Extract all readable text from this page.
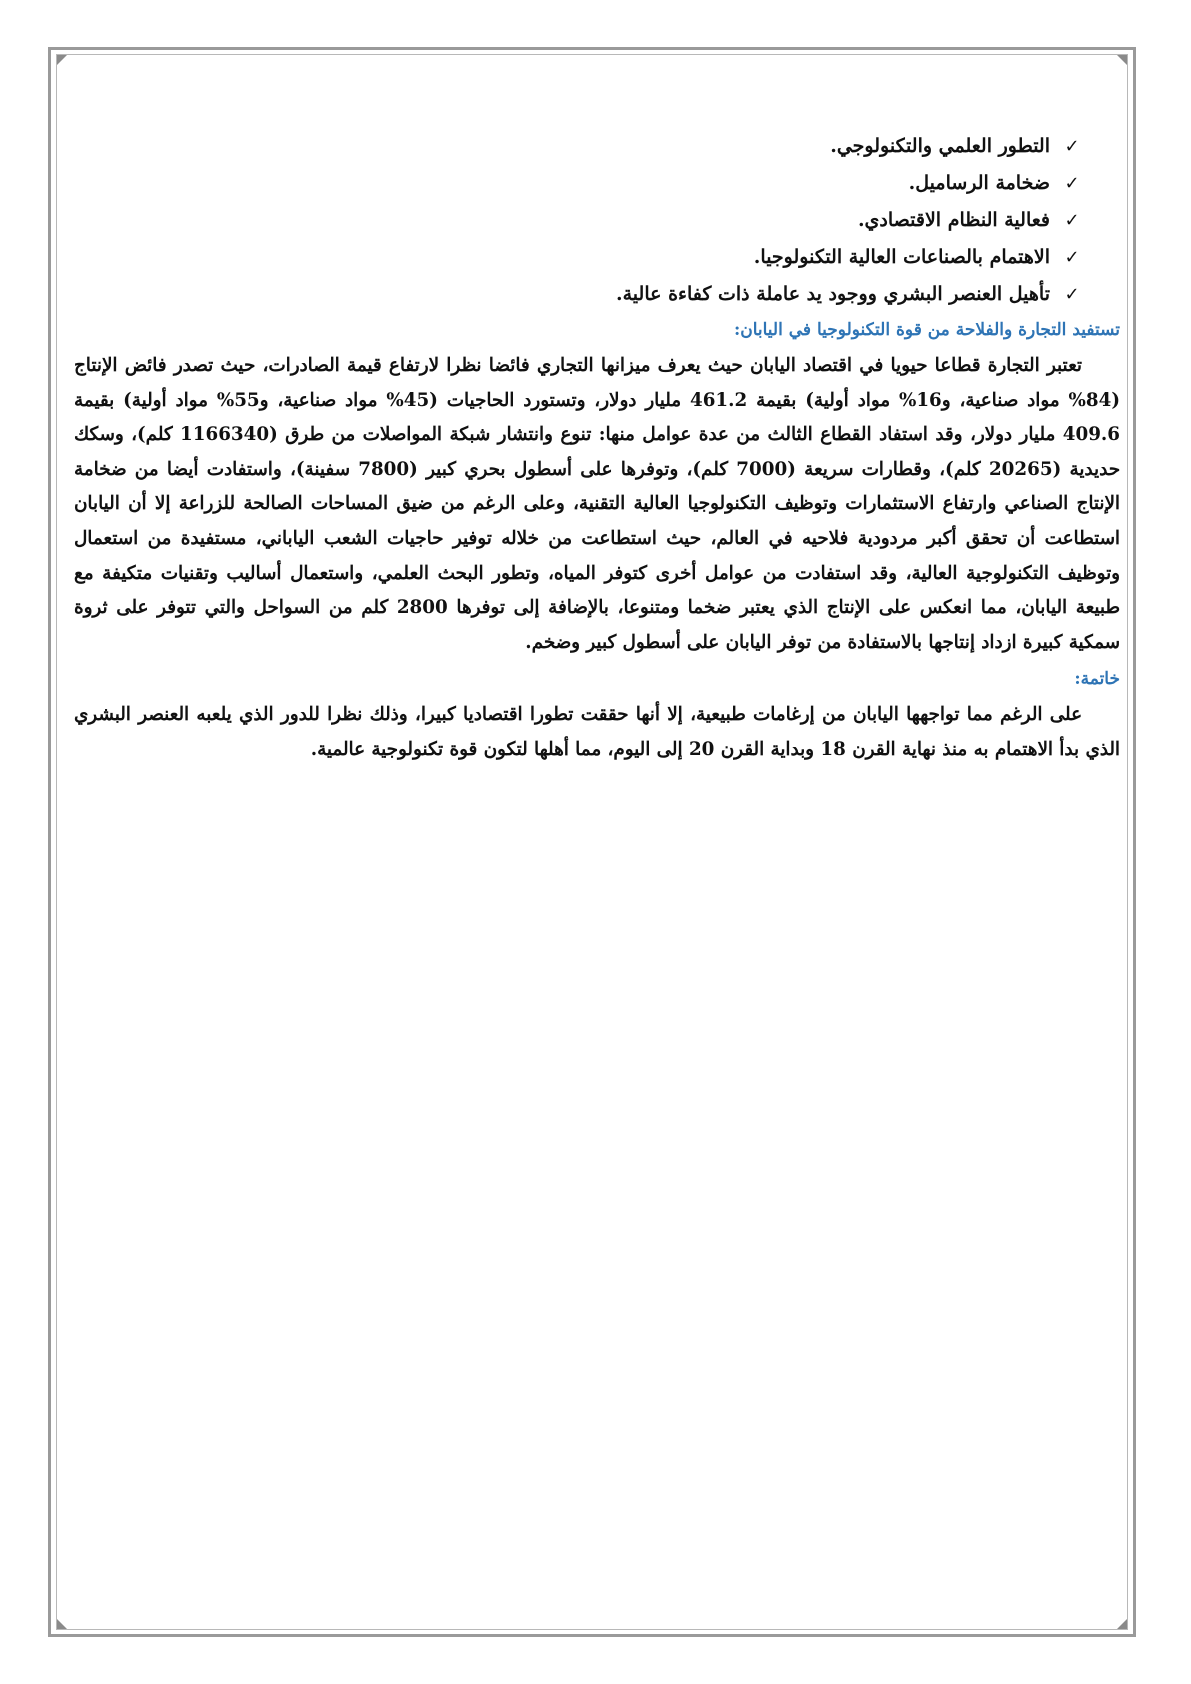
✓
التطور العلمي والتكنولوجي.
✓
ضخامة الرساميل.
✓
فعالية النظام الاقتصادي.
✓
الاهتمام بالصناعات العالية التكنولوجيا.
✓
تأهيل العنصر البشري ووجود يد عاملة ذات كفاءة عالية.
تستفيد التجارة والفلاحة من قوة التكنولوجيا في اليابان:

تعتبر التجارة قطاعا حيويا في اقتصاد اليابان حيث يعرف ميزانها التجاري فائضا نظرا لارتفاع قيمة الصادرات، حيث تصدر فائض الإنتاج (84% مواد صناعية، و16% مواد أولية) بقيمة 461.2 مليار دولار، وتستورد الحاجيات (45% مواد صناعية، و55% مواد أولية) بقيمة 409.6 مليار دولار، وقد استفاد القطاع الثالث من عدة عوامل منها: تنوع وانتشار شبكة المواصلات من طرق (1166340 كلم)، وسكك حديدية (20265 كلم)، وقطارات سريعة (7000 كلم)، وتوفرها على أسطول بحري كبير (7800 سفينة)، واستفادت أيضا من ضخامة الإنتاج الصناعي وارتفاع الاستثمارات وتوظيف التكنولوجيا العالية التقنية، وعلى الرغم من ضيق المساحات الصالحة للزراعة إلا أن اليابان استطاعت أن تحقق أكبر مردودية فلاحيه في العالم، حيث استطاعت من خلاله توفير حاجيات الشعب الياباني، مستفيدة من استعمال وتوظيف التكنولوجية العالية، وقد استفادت من عوامل أخرى كتوفر المياه، وتطور البحث العلمي، واستعمال أساليب وتقنيات متكيفة مع طبيعة اليابان، مما انعكس على الإنتاج الذي يعتبر ضخما ومتنوعا، بالإضافة إلى توفرها 2800 كلم من السواحل والتي تتوفر على ثروة سمكية كبيرة ازداد إنتاجها بالاستفادة من توفر اليابان على أسطول كبير وضخم.

خاتمة:

على الرغم مما تواجهها اليابان من إرغامات طبيعية، إلا أنها حققت تطورا اقتصاديا كبيرا، وذلك نظرا للدور الذي يلعبه العنصر البشري الذي بدأ الاهتمام به منذ نهاية القرن 18 وبداية القرن 20 إلى اليوم، مما أهلها لتكون قوة تكنولوجية عالمية.
